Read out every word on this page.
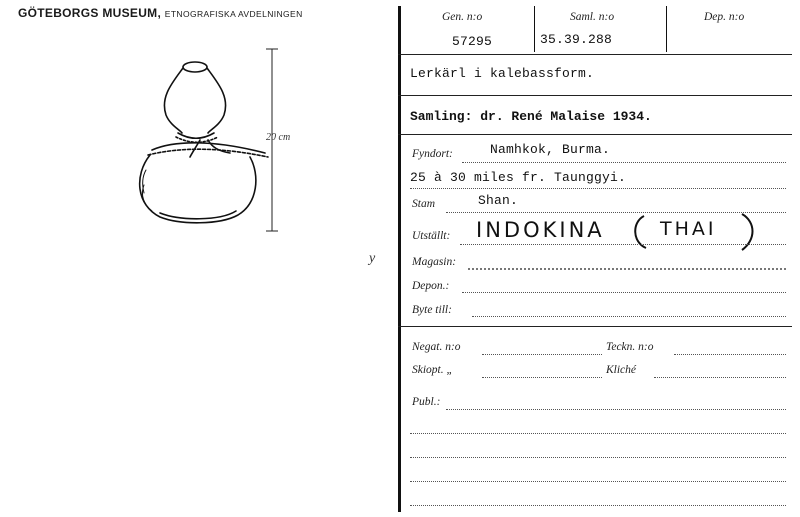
GÖTEBORGS MUSEUM, ETNOGRAFISKA AVDELNINGEN
20 cm
y
Gen. n:o	Saml. n:o	Dep. n:o
57295	35.39.288
Lerkärl i kalebassform.
Samling: dr. René Malaise 1934.
Fyndort:	Namhkok, Burma.
25 à 30 miles fr. Taunggyi.
Stam	Shan.
Utställt: INDOKINA	THAI
Magasin:
Depon.:
Byte till:
Negat. n:o	Teckn. n:o
Skiopt. „	Kliché
Publ.:
